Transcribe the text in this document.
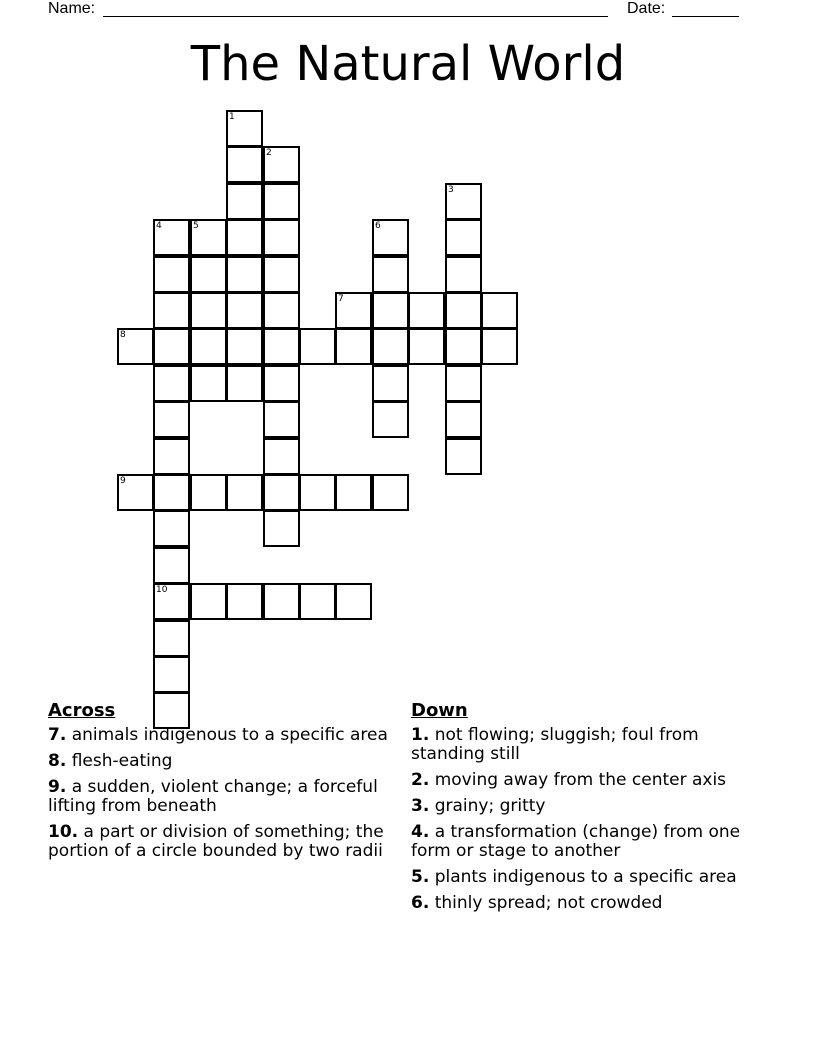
Name:	Date:
The Natural World
1
2
3
4
10
5	6
7
8
9
Across
7. animals indigenous to a specific area
8. flesh-eating
9. a sudden, violent change; a forceful lifting from beneath
10. a part or division of something; the portion of a circle bounded by two radii
Down
1. not flowing; sluggish; foul from standing still
2. moving away from the center axis
3. grainy; gritty
4. a transformation (change) from one form or stage to another
5. plants indigenous to a specific area
6. thinly spread; not crowded
